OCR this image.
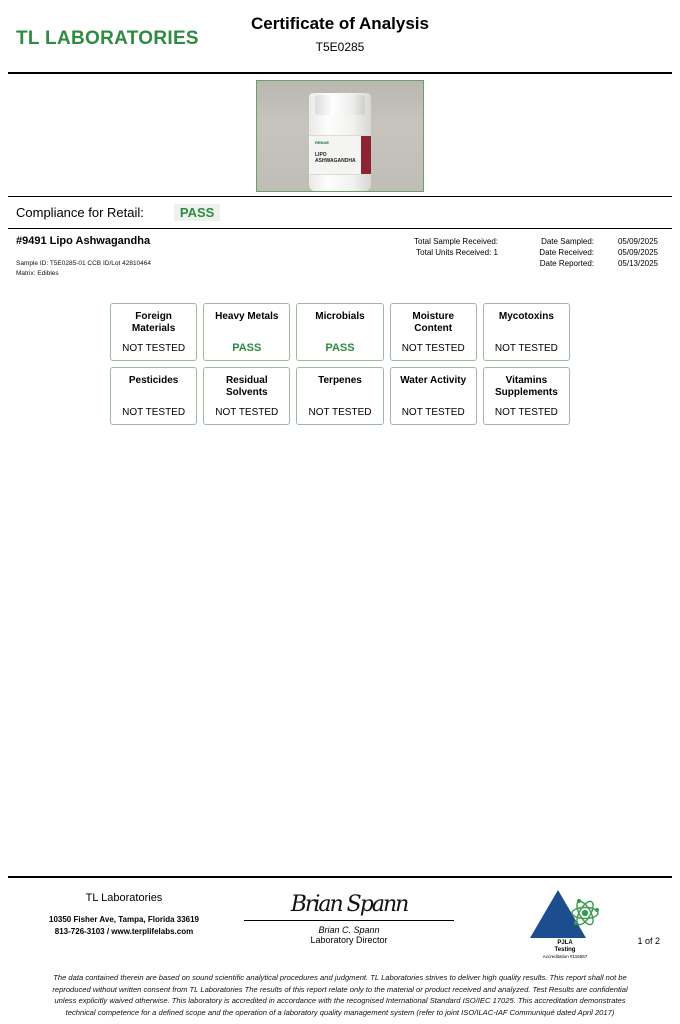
TL LABORATORIES
Certificate of Analysis
T5E0285
RENUE
LIPO
ASHWAGANDHA
Compliance for Retail:	PASS
#9491 Lipo Ashwagandha
Sample ID: T5E0285-01 CCB ID/Lot 42810464
Matrix: Edibles
Total Sample Received:
Total Units Received: 1
Date Sampled:	05/09/2025
Date Received:	05/09/2025
Date Reported:	05/13/2025
Foreign Materials
NOT TESTED
Heavy Metals
PASS
Microbials
PASS
Moisture Content
NOT TESTED
Mycotoxins
NOT TESTED
Pesticides
NOT TESTED
Residual Solvents
NOT TESTED
Terpenes
NOT TESTED
Water Activity
NOT TESTED
Vitamins Supplements
NOT TESTED
TL Laboratories
10350 Fisher Ave, Tampa, Florida 33619
813-726-3103 / www.terplifelabs.com
Brian Spann
Brian C. Spann
Laboratory Director	PJLA
Testing
Accreditation #116557
1 of 2
The data contained therein are based on sound scientific analytical procedures and judgment. TL Laboratories strives to deliver high quality results. This report shall not be reproduced without written consent from TL Laboratories The results of this report relate only to the material or product received and analyzed. Test Results are confidential unless explicitly waived otherwise. This laboratory is accredited in accordance with the recognised International Standard ISO/IEC 17025. This accreditation demonstrates technical competence for a defined scope and the operation of a laboratory quality management system (refer to joint ISO/ILAC-IAF Communiqué dated April 2017)
